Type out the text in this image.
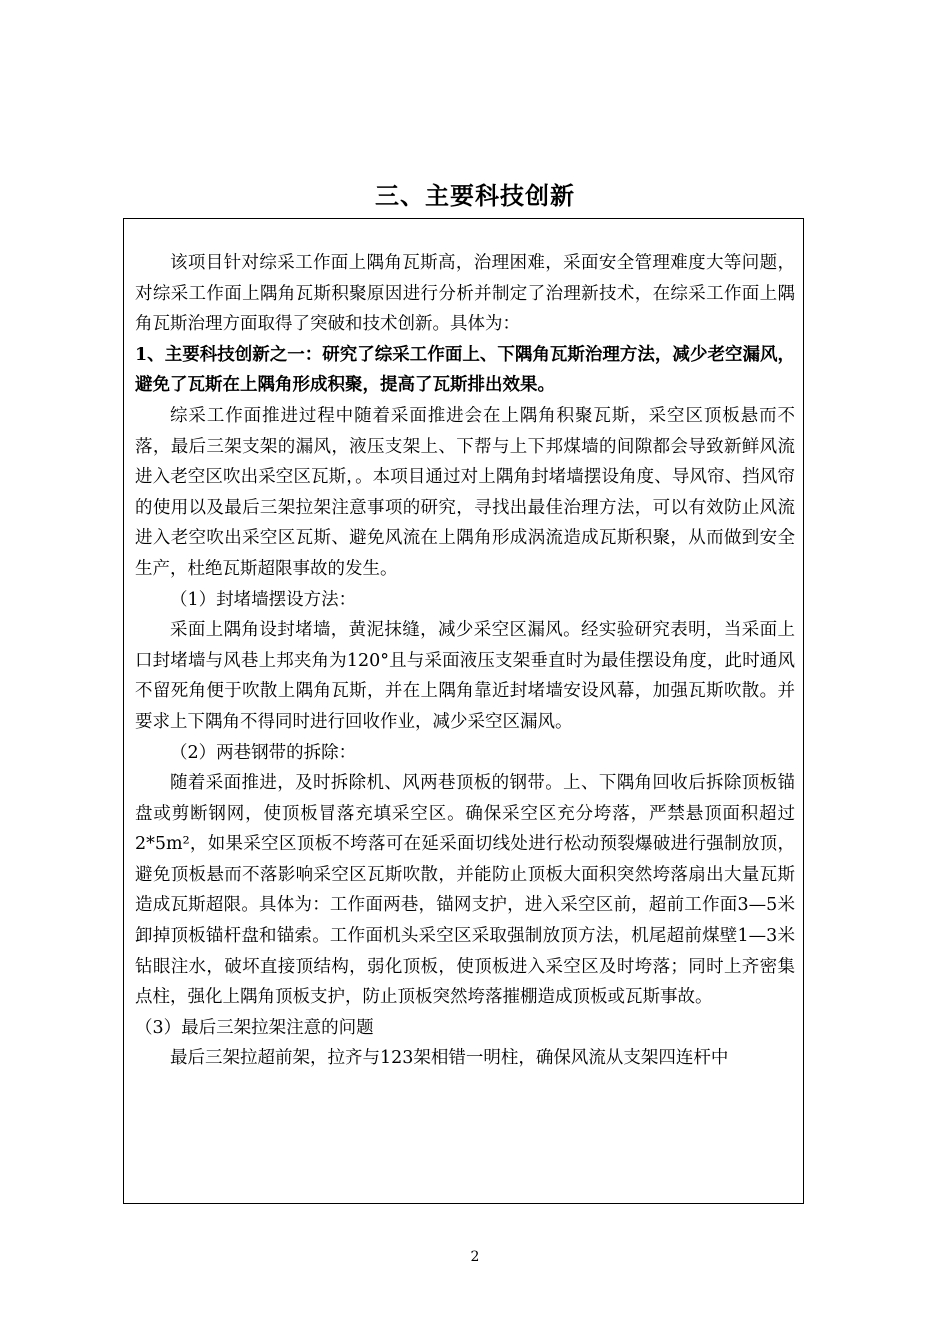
三、主要科技创新

该项目针对综采工作面上隅角瓦斯高，治理困难，采面安全管理难度大等问题，对综采工作面上隅角瓦斯积聚原因进行分析并制定了治理新技术，在综采工作面上隅角瓦斯治理方面取得了突破和技术创新。具体为：

1、主要科技创新之一：研究了综采工作面上、下隅角瓦斯治理方法，减少老空漏风，避免了瓦斯在上隅角形成积聚，提高了瓦斯排出效果。

综采工作面推进过程中随着采面推进会在上隅角积聚瓦斯，采空区顶板悬而不落，最后三架支架的漏风，液压支架上、下帮与上下邦煤墙的间隙都会导致新鲜风流进入老空区吹出采空区瓦斯，。本项目通过对上隅角封堵墙摆设角度、导风帘、挡风帘的使用以及最后三架拉架注意事项的研究，寻找出最佳治理方法，可以有效防止风流进入老空吹出采空区瓦斯、避免风流在上隅角形成涡流造成瓦斯积聚，从而做到安全生产，杜绝瓦斯超限事故的发生。

（1）封堵墙摆设方法：

采面上隅角设封堵墙，黄泥抹缝，减少采空区漏风。经实验研究表明，当采面上口封堵墙与风巷上邦夹角为120°且与采面液压支架垂直时为最佳摆设角度，此时通风不留死角便于吹散上隅角瓦斯，并在上隅角靠近封堵墙安设风幕，加强瓦斯吹散。并要求上下隅角不得同时进行回收作业，减少采空区漏风。

（2）两巷钢带的拆除：

随着采面推进，及时拆除机、风两巷顶板的钢带。上、下隅角回收后拆除顶板锚盘或剪断钢网，使顶板冒落充填采空区。确保采空区充分垮落，严禁悬顶面积超过2*5m²，如果采空区顶板不垮落可在延采面切线处进行松动预裂爆破进行强制放顶，避免顶板悬而不落影响采空区瓦斯吹散，并能防止顶板大面积突然垮落扇出大量瓦斯造成瓦斯超限。具体为：工作面两巷，锚网支护，进入采空区前，超前工作面3—5米卸掉顶板锚杆盘和锚索。工作面机头采空区采取强制放顶方法，机尾超前煤壁1—3米钻眼注水，破坏直接顶结构，弱化顶板，使顶板进入采空区及时垮落；同时上齐密集点柱，强化上隅角顶板支护，防止顶板突然垮落摧棚造成顶板或瓦斯事故。

（3）最后三架拉架注意的问题

最后三架拉超前架，拉齐与123架相错一明柱，确保风流从支架四连杆中

2
